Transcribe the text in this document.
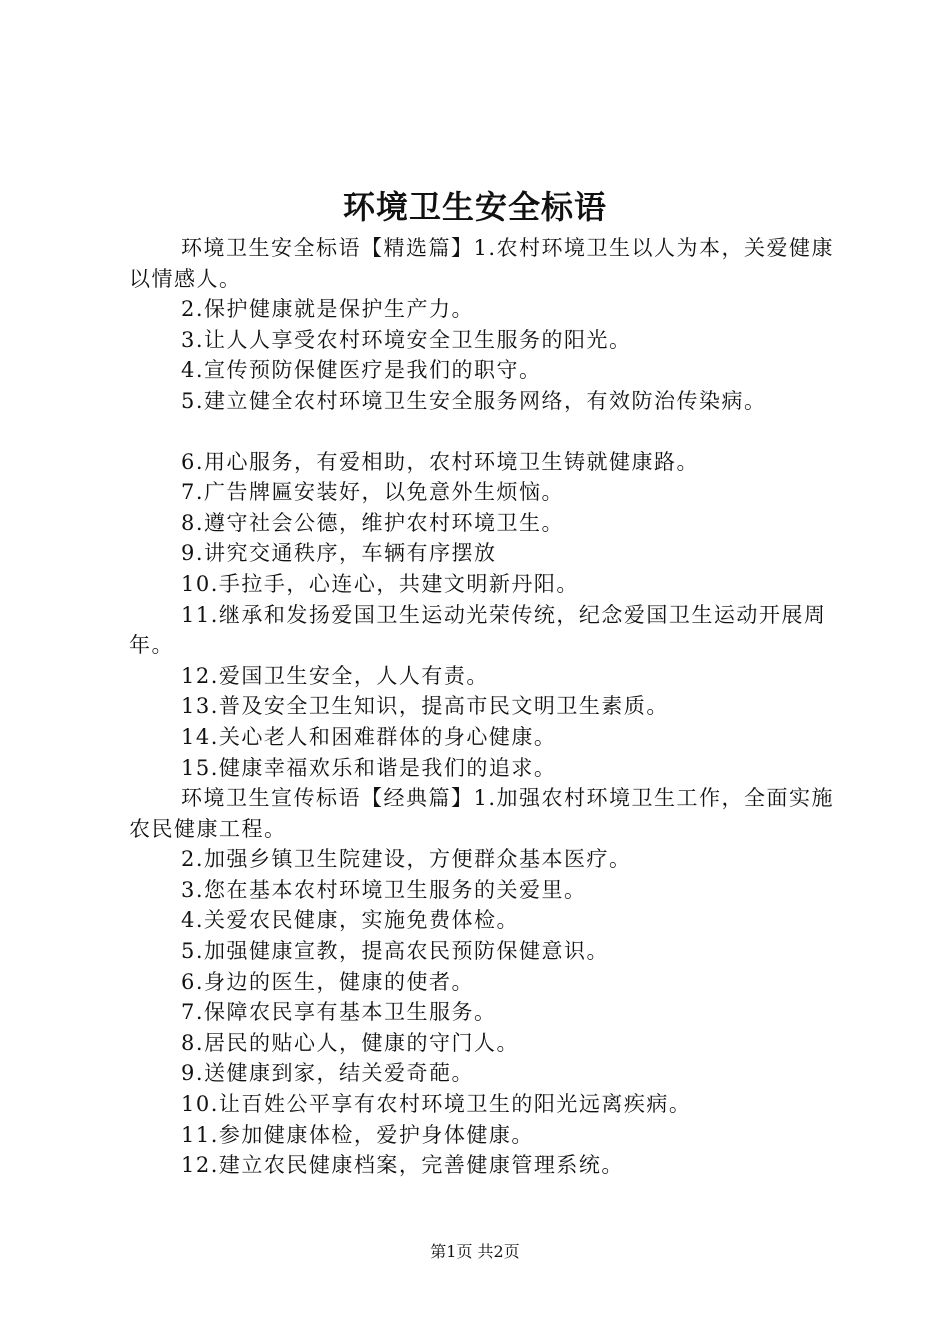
环境卫生安全标语

环境卫生安全标语【精选篇】1.农村环境卫生以人为本，关爱健康以情感人。

2.保护健康就是保护生产力。

3.让人人享受农村环境安全卫生服务的阳光。

4.宣传预防保健医疗是我们的职守。

5.建立健全农村环境卫生安全服务网络，有效防治传染病。

6.用心服务，有爱相助，农村环境卫生铸就健康路。

7.广告牌匾安装好，以免意外生烦恼。

8.遵守社会公德，维护农村环境卫生。

9.讲究交通秩序，车辆有序摆放

10.手拉手，心连心，共建文明新丹阳。

11.继承和发扬爱国卫生运动光荣传统，纪念爱国卫生运动开展周年。

12.爱国卫生安全，人人有责。

13.普及安全卫生知识，提高市民文明卫生素质。

14.关心老人和困难群体的身心健康。

15.健康幸福欢乐和谐是我们的追求。

环境卫生宣传标语【经典篇】1.加强农村环境卫生工作，全面实施农民健康工程。

2.加强乡镇卫生院建设，方便群众基本医疗。

3.您在基本农村环境卫生服务的关爱里。

4.关爱农民健康，实施免费体检。

5.加强健康宣教，提高农民预防保健意识。

6.身边的医生，健康的使者。

7.保障农民享有基本卫生服务。

8.居民的贴心人，健康的守门人。

9.送健康到家，结关爱奇葩。

10.让百姓公平享有农村环境卫生的阳光远离疾病。

11.参加健康体检，爱护身体健康。

12.建立农民健康档案，完善健康管理系统。

第1页 共2页
